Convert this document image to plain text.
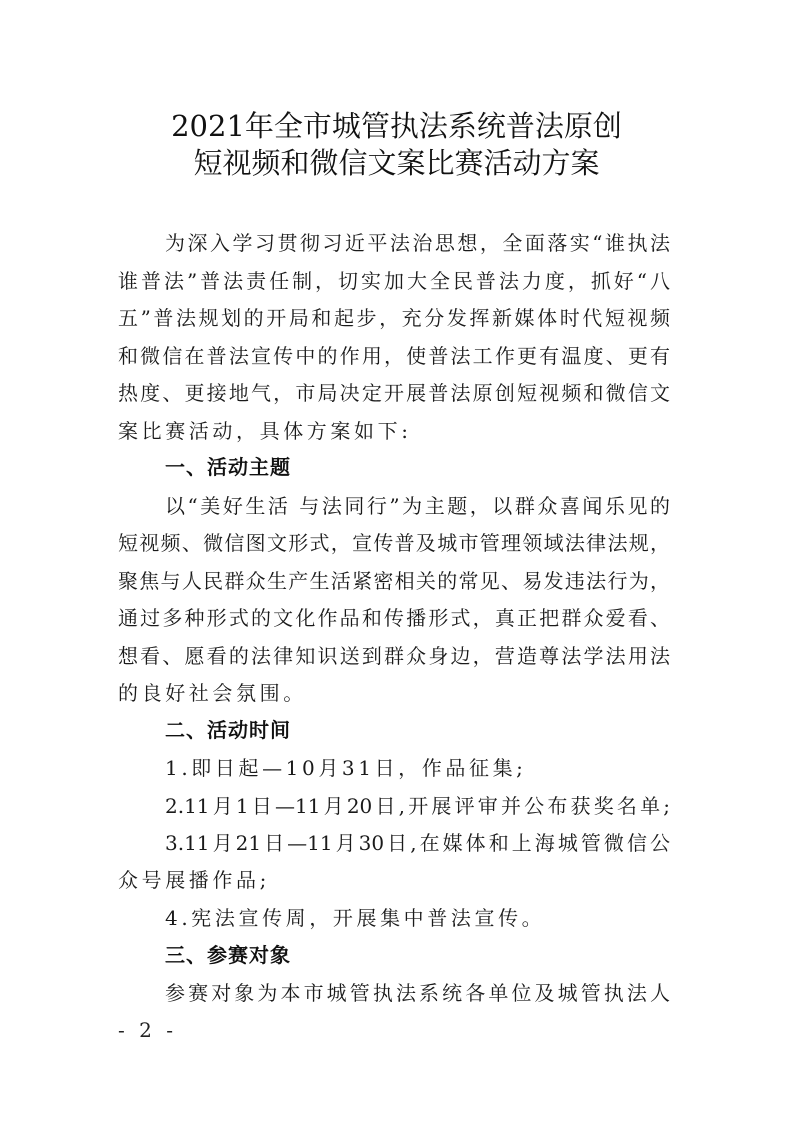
2021年全市城管执法系统普法原创
短视频和微信文案比赛活动方案
为深入学习贯彻习近平法治思想，全面落实“谁执法
谁普法”普法责任制，切实加大全民普法力度，抓好“八
五”普法规划的开局和起步，充分发挥新媒体时代短视频
和微信在普法宣传中的作用，使普法工作更有温度、更有
热度、更接地气，市局决定开展普法原创短视频和微信文
案比赛活动，具体方案如下:
一、活动主题
以“美好生活 与法同行”为主题，以群众喜闻乐见的
短视频、微信图文形式，宣传普及城市管理领域法律法规，
聚焦与人民群众生产生活紧密相关的常见、易发违法行为，
通过多种形式的文化作品和传播形式，真正把群众爱看、
想看、愿看的法律知识送到群众身边，营造尊法学法用法
的良好社会氛围。
二、活动时间
1.即日起—10月31日，作品征集;
2.11月1日—11月20日,开展评审并公布获奖名单;
3.11月21日—11月30日,在媒体和上海城管微信公
众号展播作品;
4.宪法宣传周，开展集中普法宣传。
三、参赛对象
参赛对象为本市城管执法系统各单位及城管执法人
- 2 -
